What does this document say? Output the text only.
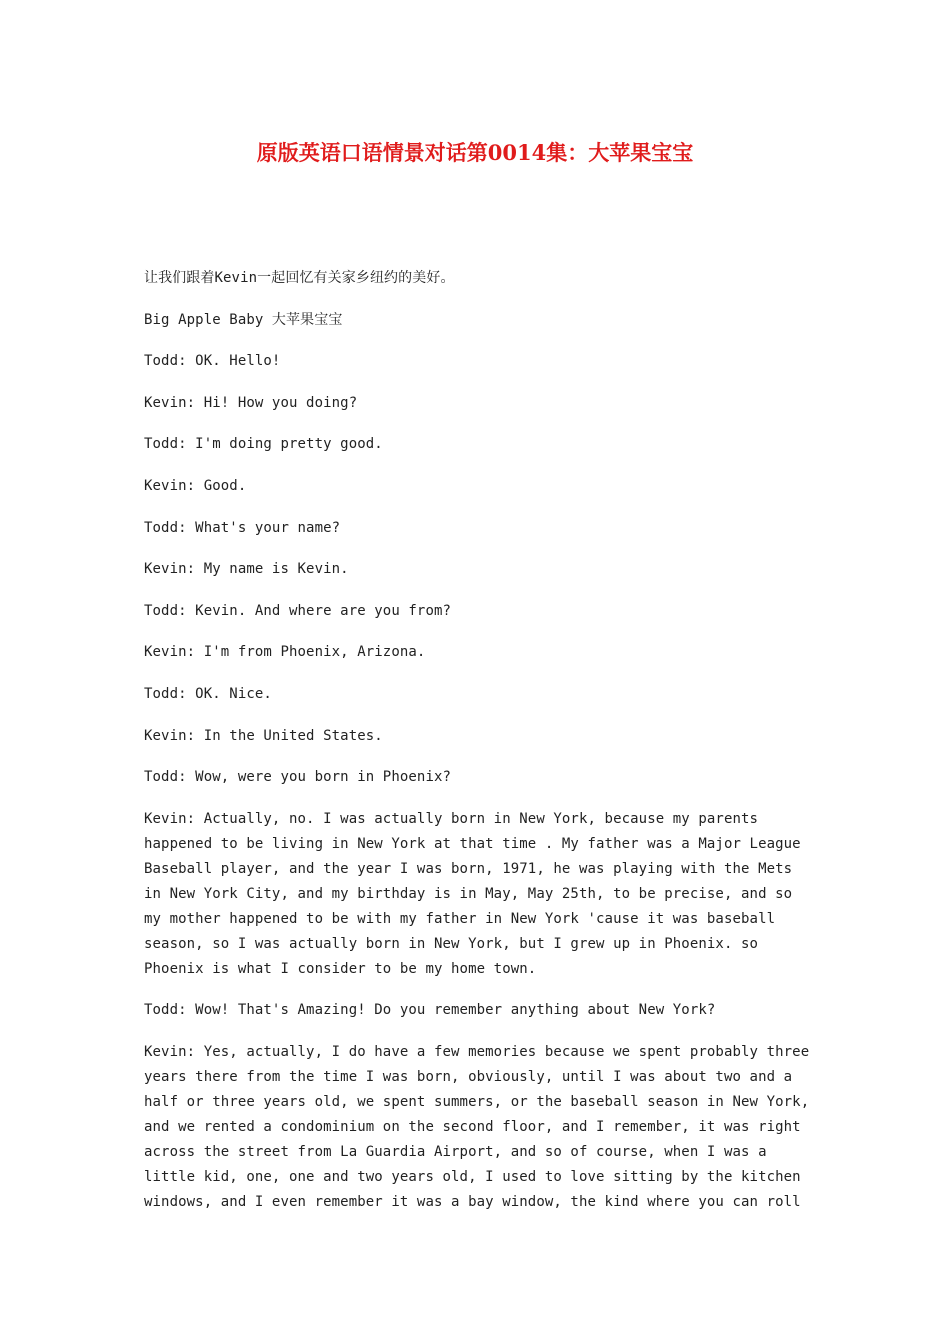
原版英语口语情景对话第0014集：大苹果宝宝

让我们跟着Kevin一起回忆有关家乡纽约的美好。

Big Apple Baby 大苹果宝宝

Todd: OK. Hello!

Kevin: Hi! How you doing?

Todd: I'm doing pretty good.

Kevin: Good.

Todd: What's your name?

Kevin: My name is Kevin.

Todd: Kevin. And where are you from?

Kevin: I'm from Phoenix, Arizona.

Todd: OK. Nice.

Kevin: In the United States.

Todd: Wow, were you born in Phoenix?

Kevin: Actually, no. I was actually born in New York, because my parents happened to be living in New York at that time . My father was a Major League Baseball player, and the year I was born, 1971, he was playing with the Mets in New York City, and my birthday is in May, May 25th, to be precise, and so my mother happened to be with my father in New York 'cause it was baseball season, so I was actually born in New York, but I grew up in Phoenix. so Phoenix is what I consider to be my home town.

Todd: Wow! That's Amazing! Do you remember anything about New York?

Kevin: Yes, actually, I do have a few memories because we spent probably three years there from the time I was born, obviously, until I was about two and a half or three years old, we spent summers, or the baseball season in New York, and we rented a condominium on the second floor, and I remember, it was right across the street from La Guardia Airport, and so of course, when I was a little kid, one, one and two years old, I used to love sitting by the kitchen windows, and I even remember it was a bay window, the kind where you can roll
